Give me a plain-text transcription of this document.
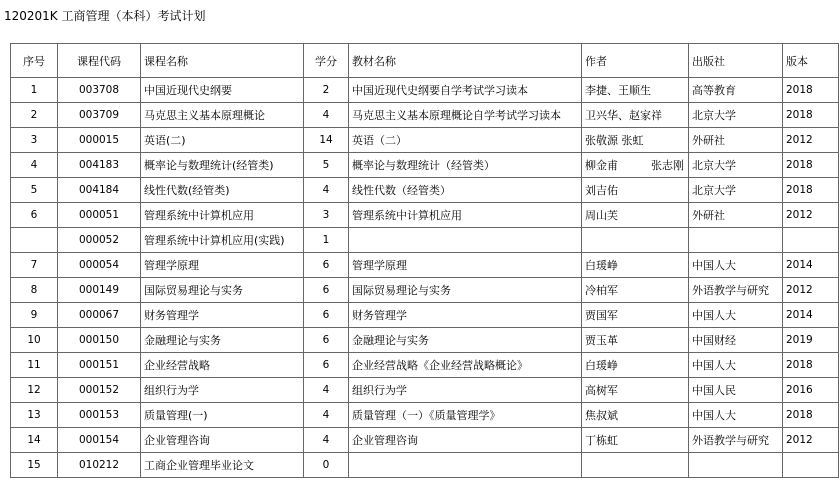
120201K 工商管理（本科）考试计划
序号	课程代码	课程名称	学分	教材名称	作者	出版社	版本
1	003708	中国近现代史纲要	2	中国近现代史纲要自学考试学习读本	李捷、王顺生	高等教育	2018
2	003709	马克思主义基本原理概论	4	马克思主义基本原理概论自学考试学习读本	卫兴华、赵家祥	北京大学	2018
3	000015	英语(二)	14	英语（二）	张敬源 张虹	外研社	2012
4	004183	概率论与数理统计(经管类)	5	概率论与数理统计（经管类）	柳金甫　　　张志刚	北京大学	2018
5	004184	线性代数(经管类)	4	线性代数（经管类）	刘吉佑	北京大学	2018
6	000051	管理系统中计算机应用	3	管理系统中计算机应用	周山芙	外研社	2012
	000052	管理系统中计算机应用(实践)	1				
7	000054	管理学原理	6	管理学原理	白瑗峥	中国人大	2014
8	000149	国际贸易理论与实务	6	国际贸易理论与实务	冷柏军	外语教学与研究	2012
9	000067	财务管理学	6	财务管理学	贾国军	中国人大	2014
10	000150	金融理论与实务	6	金融理论与实务	贾玉革	中国财经	2019
11	000151	企业经营战略	6	企业经营战略《企业经营战略概论》	白瑗峥	中国人大	2018
12	000152	组织行为学	4	组织行为学	高树军	中国人民	2016
13	000153	质量管理(一)	4	质量管理（一）《质量管理学》	焦叔斌	中国人大	2018
14	000154	企业管理咨询	4	企业管理咨询	丁栋虹	外语教学与研究	2012
15	010212	工商企业管理毕业论文	0				
